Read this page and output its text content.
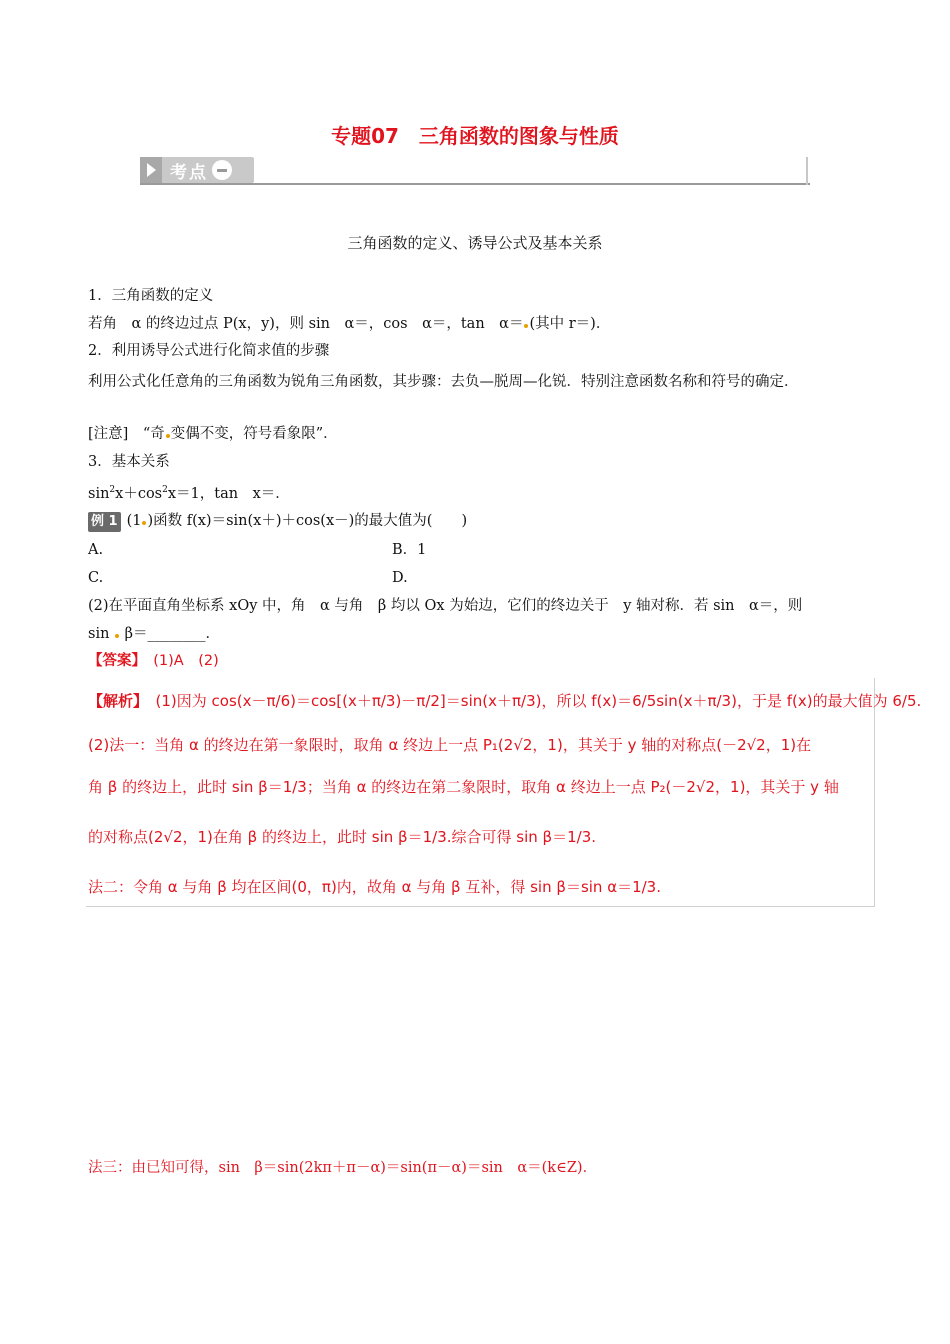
专题07　三角函数的图象与性质
考点
三角函数的定义、诱导公式及基本关系
1．三角函数的定义
若角　α 的终边过点 P(x，y)，则 sin　α＝，cos　α＝，tan　α＝ (其中 r＝)．
2．利用诱导公式进行化简求值的步骤
利用公式化任意角的三角函数为锐角三角函数，其步骤：去负—脱周—化锐．特别注意函数名称和符号的确定．
[注意]　“奇 变偶不变，符号看象限”．
3．基本关系
$\sin^2x+\cos^2x=1$，tan　x＝．
例 1 (1 )函数 f(x)＝sin(x＋)＋cos(x－)的最大值为(　　)
A.	B．1
C.	D.
(2)在平面直角坐标系 xOy 中，角　α 与角　β 均以 Ox 为始边，它们的终边关于　y 轴对称．若 sin　α＝，则
sin β＝________．
【答案】　 (1)A　(2)
【解析】　 (1)因为 cos(x－π/6)＝cos[(x＋π/3)－π/2]＝sin(x＋π/3)，所以 f(x)＝6/5sin(x＋π/3)，于是 f(x)的最大值为 6/5.
(2)法一：当角 α 的终边在第一象限时，取角 α 终边上一点 P₁(2√2，1)，其关于 y 轴的对称点(－2√2，1)在
角 β 的终边上，此时 sin β＝1/3；当角 α 的终边在第二象限时，取角 α 终边上一点 P₂(－2√2，1)，其关于 y 轴
的对称点(2√2，1)在角 β 的终边上，此时 sin β＝1/3.综合可得 sin β＝1/3.
法二：令角 α 与角 β 均在区间(0，π)内，故角 α 与角 β 互补，得 sin β＝sin α＝1/3.
法三：由已知可得，sin　β＝sin(2kπ＋π－α)＝sin(π－α)＝sin　α＝(k∈Z)．
